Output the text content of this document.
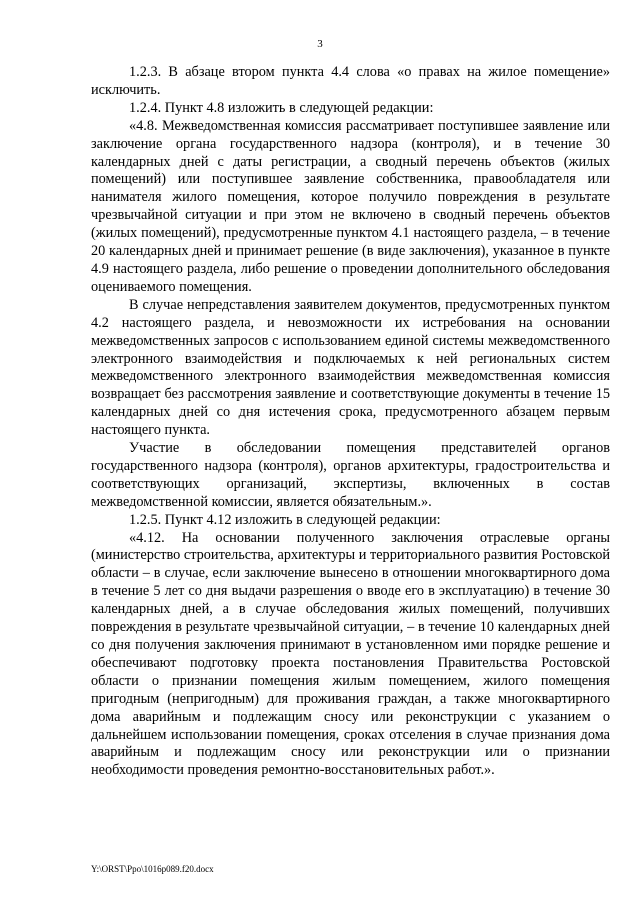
3

1.2.3. В абзаце втором пункта 4.4 слова «о правах на жилое помещение» исключить.

1.2.4. Пункт 4.8 изложить в следующей редакции:

«4.8. Межведомственная комиссия рассматривает поступившее заявление или заключение органа государственного надзора (контроля), и в течение 30 календарных дней с даты регистрации, а сводный перечень объектов (жилых помещений) или поступившее заявление собственника, правообладателя или нанимателя жилого помещения, которое получило повреждения в результате чрезвычайной ситуации и при этом не включено в сводный перечень объектов (жилых помещений), предусмотренные пунктом 4.1 настоящего раздела, – в течение 20 календарных дней и принимает решение (в виде заключения), указанное в пункте 4.9 настоящего раздела, либо решение о проведении дополнительного обследования оцениваемого помещения.

В случае непредставления заявителем документов, предусмотренных пунктом 4.2 настоящего раздела, и невозможности их истребования на основании межведомственных запросов с использованием единой системы межведомственного электронного взаимодействия и подключаемых к ней региональных систем межведомственного электронного взаимодействия межведомственная комиссия возвращает без рассмотрения заявление и соответствующие документы в течение 15 календарных дней со дня истечения срока, предусмотренного абзацем первым настоящего пункта.

Участие в обследовании помещения представителей органов государственного надзора (контроля), органов архитектуры, градостроительства и соответствующих организаций, экспертизы, включенных в состав межведомственной комиссии, является обязательным.».

1.2.5. Пункт 4.12 изложить в следующей редакции:

«4.12. На основании полученного заключения отраслевые органы (министерство строительства, архитектуры и территориального развития Ростовской области – в случае, если заключение вынесено в отношении многоквартирного дома в течение 5 лет со дня выдачи разрешения о вводе его в эксплуатацию) в течение 30 календарных дней, а в случае обследования жилых помещений, получивших повреждения в результате чрезвычайной ситуации, – в течение 10 календарных дней со дня получения заключения принимают в установленном ими порядке решение и обеспечивают подготовку проекта постановления Правительства Ростовской области о признании помещения жилым помещением, жилого помещения пригодным (непригодным) для проживания граждан, а также многоквартирного дома аварийным и подлежащим сносу или реконструкции с указанием о дальнейшем использовании помещения, сроках отселения в случае признания дома аварийным и подлежащим сносу или реконструкции или о признании необходимости проведения ремонтно-восстановительных работ.».

Y:\ORST\Ppo\1016p089.f20.docx
